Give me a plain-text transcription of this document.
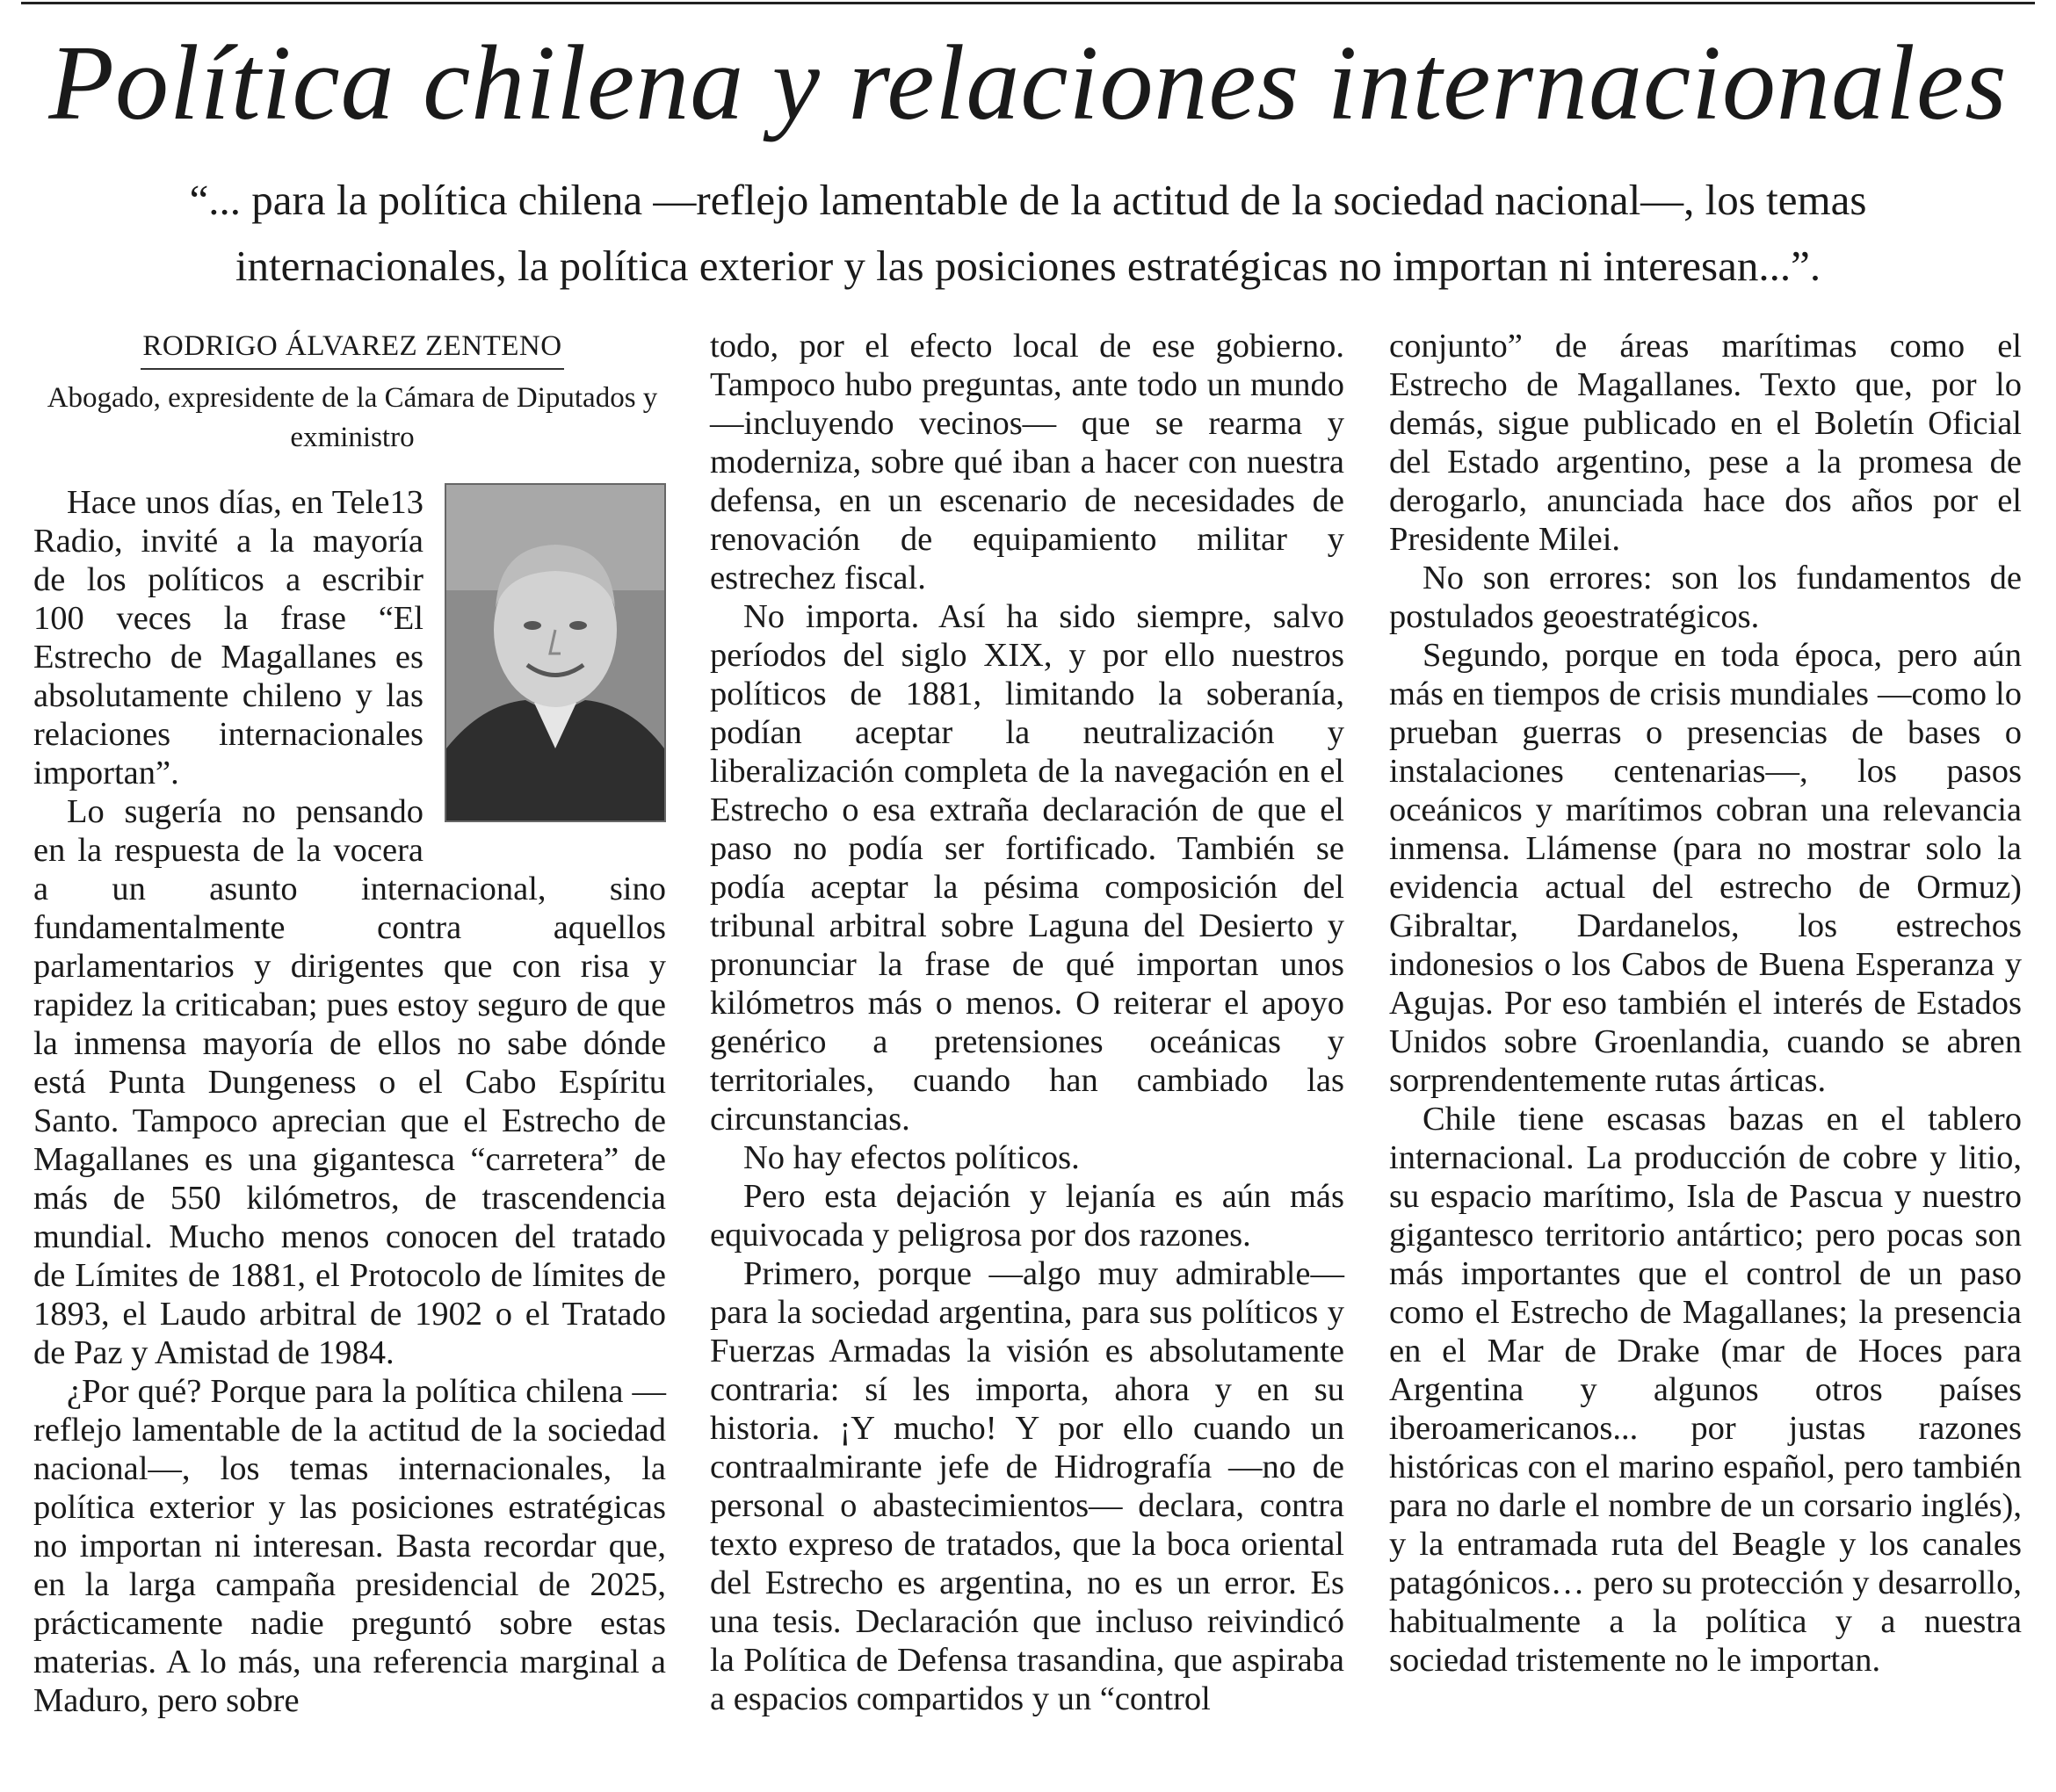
Política chilena y relaciones internacionales

“... para la política chilena —reflejo lamentable de la actitud de la sociedad nacional—, los temas internacionales, la política exterior y las posiciones estratégicas no importan ni interesan...”.

RODRIGO ÁLVAREZ ZENTENO
Abogado, expresidente de la Cámara de Diputados y exministro

Hace unos días, en Tele13 Radio, invité a la mayoría de los políticos a escribir 100 veces la frase “El Estrecho de Magallanes es absolutamente chileno y las relaciones internacionales importan”.

Lo sugería no pensando en la respuesta de la vocera a un asunto internacional, sino fundamentalmente contra aquellos parlamentarios y dirigentes que con risa y rapidez la criticaban; pues estoy seguro de que la inmensa mayoría de ellos no sabe dónde está Punta Dungeness o el Cabo Espíritu Santo. Tampoco aprecian que el Estrecho de Magallanes es una gigantesca “carretera” de más de 550 kilómetros, de trascendencia mundial. Mucho menos conocen del tratado de Límites de 1881, el Protocolo de límites de 1893, el Laudo arbitral de 1902 o el Tratado de Paz y Amistad de 1984.

¿Por qué? Porque para la política chilena —reflejo lamentable de la actitud de la sociedad nacional—, los temas internacionales, la política exterior y las posiciones estratégicas no importan ni interesan. Basta recordar que, en la larga campaña presidencial de 2025, prácticamente nadie preguntó sobre estas materias. A lo más, una referencia marginal a Maduro, pero sobre

todo, por el efecto local de ese gobierno. Tampoco hubo preguntas, ante todo un mundo —incluyendo vecinos— que se rearma y moderniza, sobre qué iban a hacer con nuestra defensa, en un escenario de necesidades de renovación de equipamiento militar y estrechez fiscal.

No importa. Así ha sido siempre, salvo períodos del siglo XIX, y por ello nuestros políticos de 1881, limitando la soberanía, podían aceptar la neutralización y liberalización completa de la navegación en el Estrecho o esa extraña declaración de que el paso no podía ser fortificado. También se podía aceptar la pésima composición del tribunal arbitral sobre Laguna del Desierto y pronunciar la frase de qué importan unos kilómetros más o menos. O reiterar el apoyo genérico a pretensiones oceánicas y territoriales, cuando han cambiado las circunstancias.

No hay efectos políticos.

Pero esta dejación y lejanía es aún más equivocada y peligrosa por dos razones.

Primero, porque —algo muy admirable— para la sociedad argentina, para sus políticos y Fuerzas Armadas la visión es absolutamente contraria: sí les importa, ahora y en su historia. ¡Y mucho! Y por ello cuando un contraalmirante jefe de Hidrografía —no de personal o abastecimientos— declara, contra texto expreso de tratados, que la boca oriental del Estrecho es argentina, no es un error. Es una tesis. Declaración que incluso reivindicó la Política de Defensa trasandina, que aspiraba a espacios compartidos y un “control

conjunto” de áreas marítimas como el Estrecho de Magallanes. Texto que, por lo demás, sigue publicado en el Boletín Oficial del Estado argentino, pese a la promesa de derogarlo, anunciada hace dos años por el Presidente Milei.

No son errores: son los fundamentos de postulados geoestratégicos.

Segundo, porque en toda época, pero aún más en tiempos de crisis mundiales —como lo prueban guerras o presencias de bases o instalaciones centenarias—, los pasos oceánicos y marítimos cobran una relevancia inmensa. Llámense (para no mostrar solo la evidencia actual del estrecho de Ormuz) Gibraltar, Dardanelos, los estrechos indonesios o los Cabos de Buena Esperanza y Agujas. Por eso también el interés de Estados Unidos sobre Groenlandia, cuando se abren sorprendentemente rutas árticas.

Chile tiene escasas bazas en el tablero internacional. La producción de cobre y litio, su espacio marítimo, Isla de Pascua y nuestro gigantesco territorio antártico; pero pocas son más importantes que el control de un paso como el Estrecho de Magallanes; la presencia en el Mar de Drake (mar de Hoces para Argentina y algunos otros países iberoamericanos... por justas razones históricas con el marino español, pero también para no darle el nombre de un corsario inglés), y la entramada ruta del Beagle y los canales patagónicos… pero su protección y desarrollo, habitualmente a la política y a nuestra sociedad tristemente no le importan.
